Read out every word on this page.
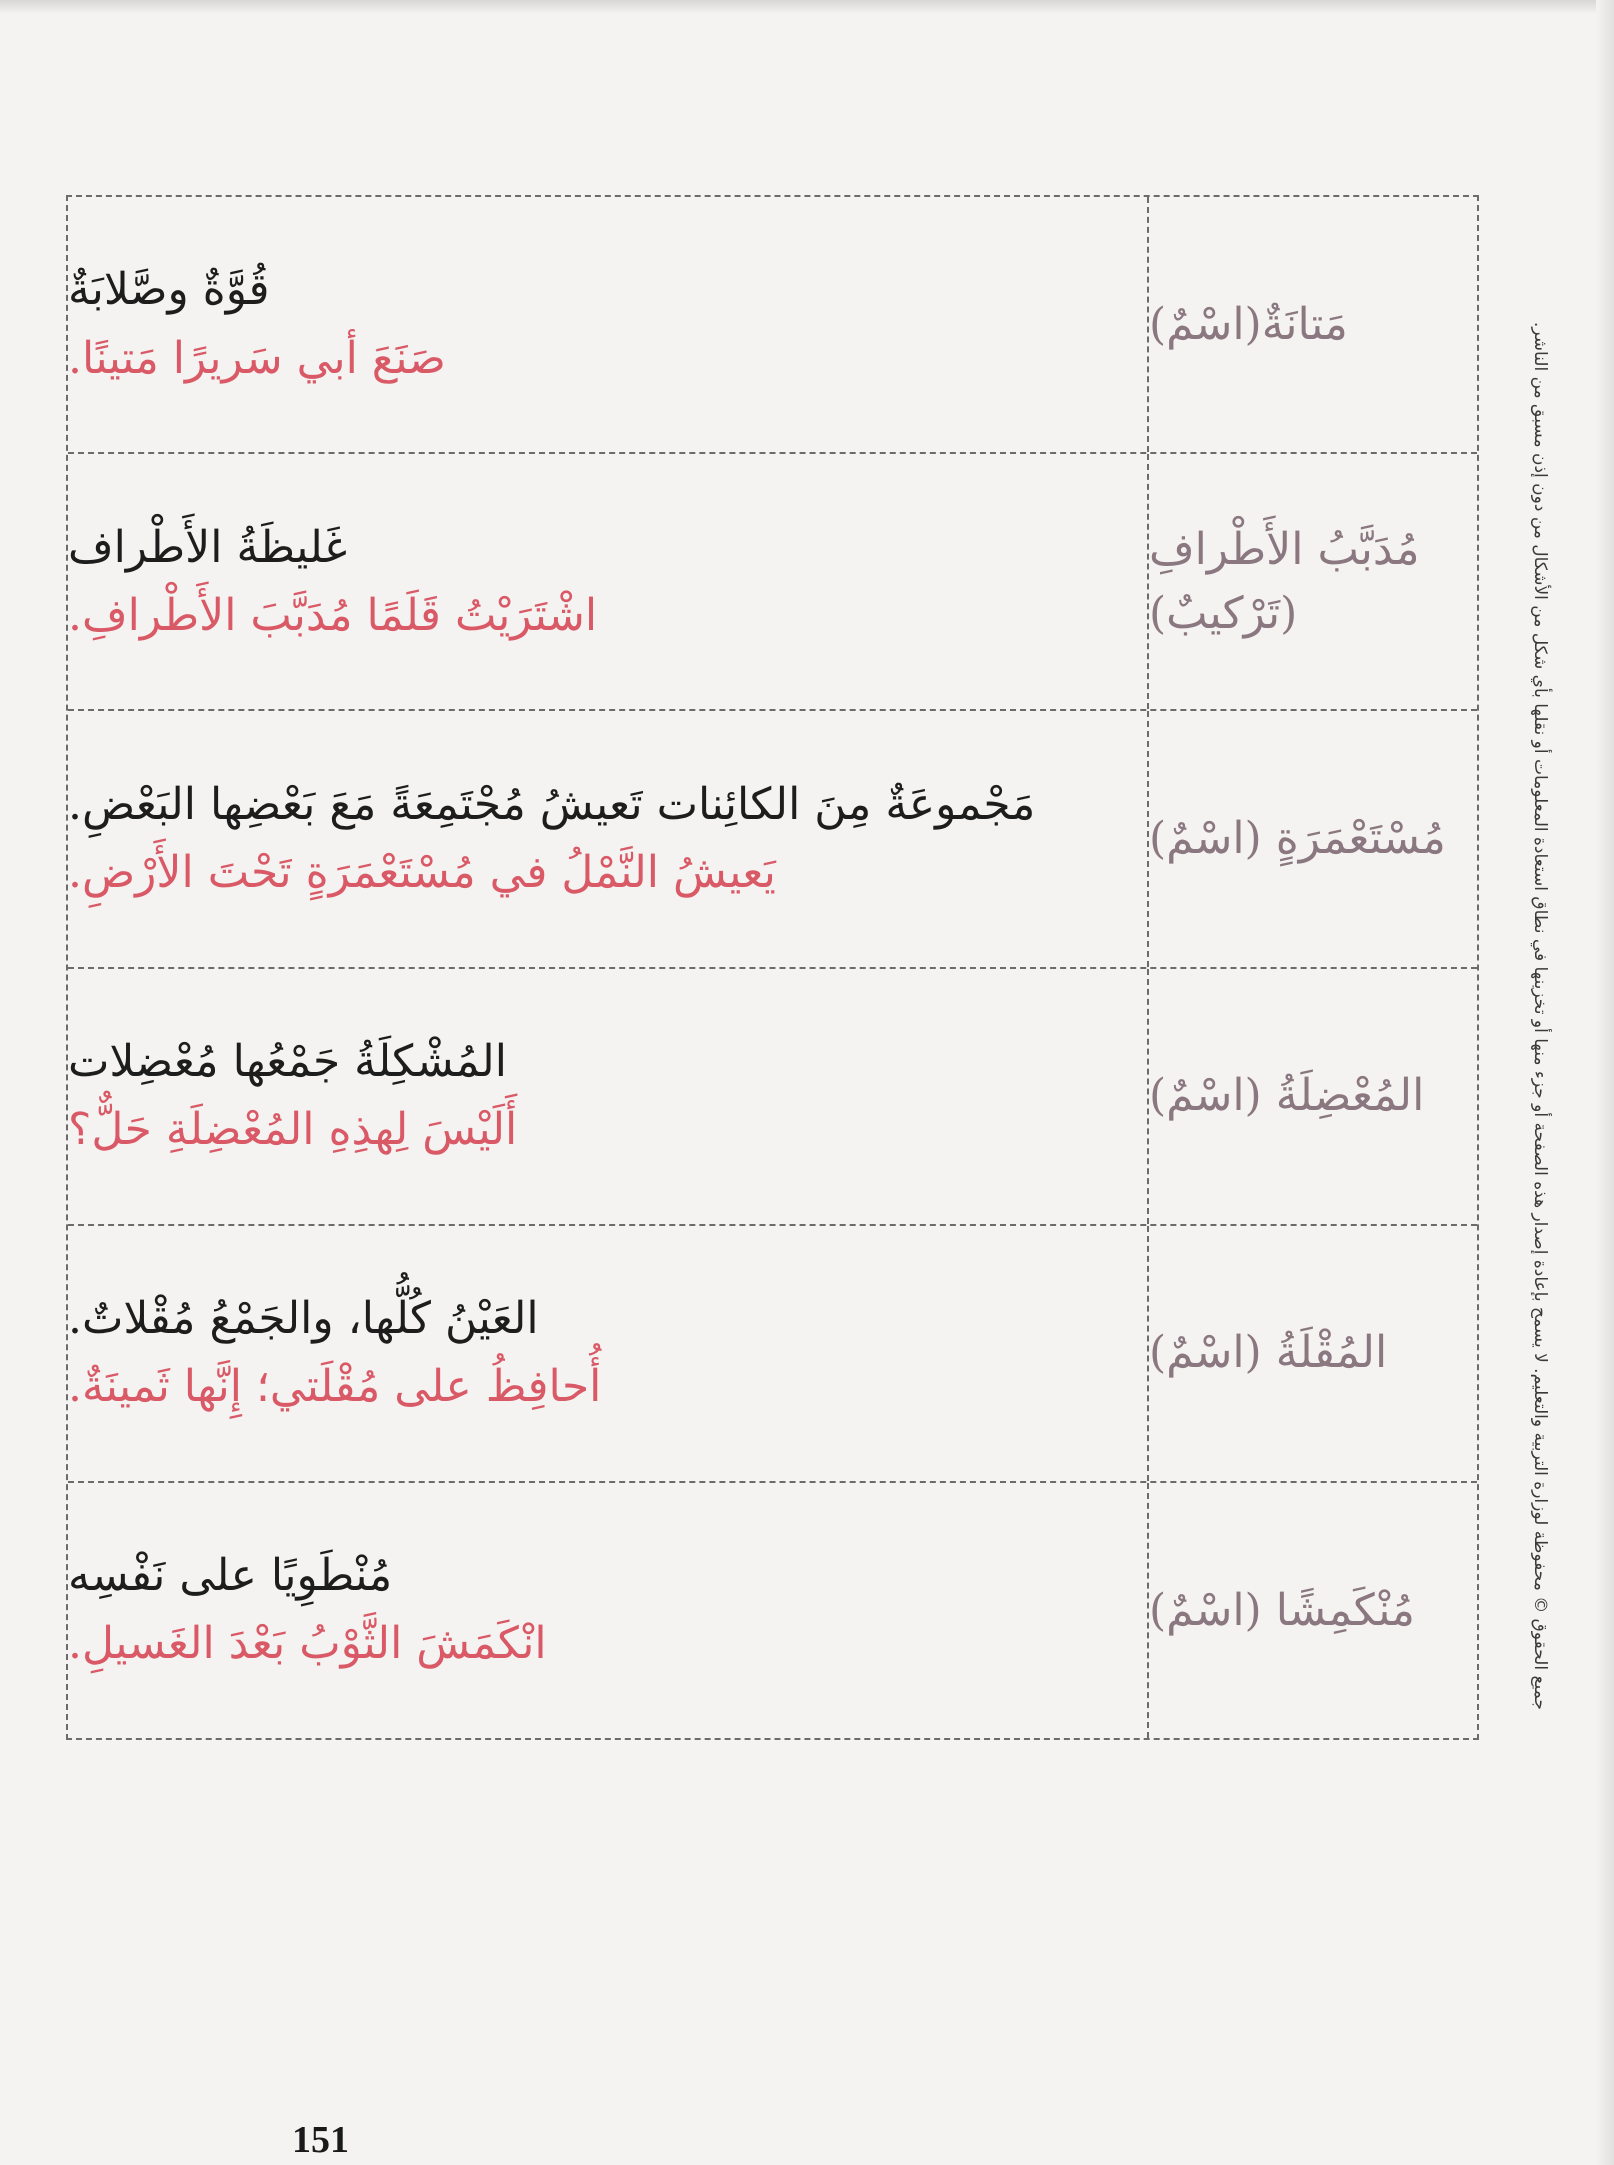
مَتانَةٌ(اسْمٌ)
قُوَّةٌ وصَّلابَةٌ
صَنَعَ أبي سَريرًا مَتينًا.
مُدَبَّبُ الأَطْرافِ
(تَرْكيبٌ)
غَليظَةُ الأَطْراف
اشْتَرَيْتُ قَلَمًا مُدَبَّبَ الأَطْرافِ.
مُسْتَعْمَرَةٍ (اسْمٌ)
مَجْموعَةٌ مِنَ الكائِنات تَعيشُ مُجْتَمِعَةً مَعَ بَعْضِها البَعْضِ.
يَعيشُ النَّمْلُ في مُسْتَعْمَرَةٍ تَحْتَ الأَرْضِ.
المُعْضِلَةُ (اسْمٌ)
المُشْكِلَةُ جَمْعُها مُعْضِلات
أَلَيْسَ لِهذِهِ المُعْضِلَةِ حَلٌّ؟
المُقْلَةُ (اسْمٌ)
العَيْنُ كُلُّها، والجَمْعُ مُقْلاتٌ.
أُحافِظُ على مُقْلَتي؛ إِنَّها ثَمينَةٌ.
مُنْكَمِشًا (اسْمٌ)
مُنْطَوِيًا على نَفْسِه
انْكَمَشَ الثَّوْبُ بَعْدَ الغَسيلِ.	جميع الحقوق © محفوظة لوزارة التربية والتعليم. لا يسمح بإعادة إصدار هذه الصفحة أو جزء منها أو تخزينها في نطاق استعادة المعلومات أو نقلها بأي شكل من الأشكال من دون إذن مسبق من الناشر.
151
